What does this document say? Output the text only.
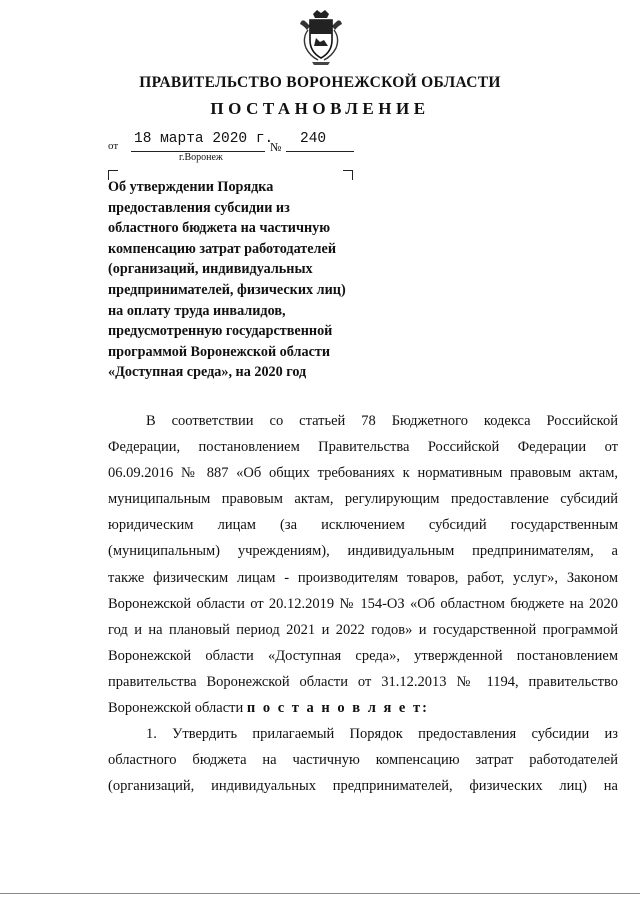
ПРАВИТЕЛЬСТВО ВОРОНЕЖСКОЙ ОБЛАСТИ
ПОСТАНОВЛЕНИЕ
от 18 марта 2020 г.
№ 240
г.Воронеж
Об утверждении Порядка
предоставления субсидии из
областного бюджета на частичную
компенсацию затрат работодателей
(организаций, индивидуальных
предпринимателей, физических лиц)
на оплату труда инвалидов,
предусмотренную государственной
программой Воронежской области
«Доступная среда», на 2020 год
В соответствии со статьей 78 Бюджетного кодекса Российской
Федерации, постановлением Правительства Российской Федерации от
06.09.2016 № 887 «Об общих требованиях к нормативным правовым актам,
муниципальным правовым актам, регулирующим предоставление субсидий
юридическим лицам (за исключением субсидий государственным
(муниципальным) учреждениям), индивидуальным предпринимателям, а
также физическим лицам - производителям товаров, работ, услуг», Законом
Воронежской области от 20.12.2019 № 154-ОЗ «Об областном бюджете на 2020
год и на плановый период 2021 и 2022 годов» и государственной программой
Воронежской области «Доступная среда», утвержденной постановлением
правительства Воронежской области от 31.12.2013 № 1194, правительство
Воронежской области п о с т а н о в л я е т:
1. Утвердить прилагаемый Порядок предоставления субсидии из
областного бюджета на частичную компенсацию затрат работодателей
(организаций, индивидуальных предпринимателей, физических лиц) на
